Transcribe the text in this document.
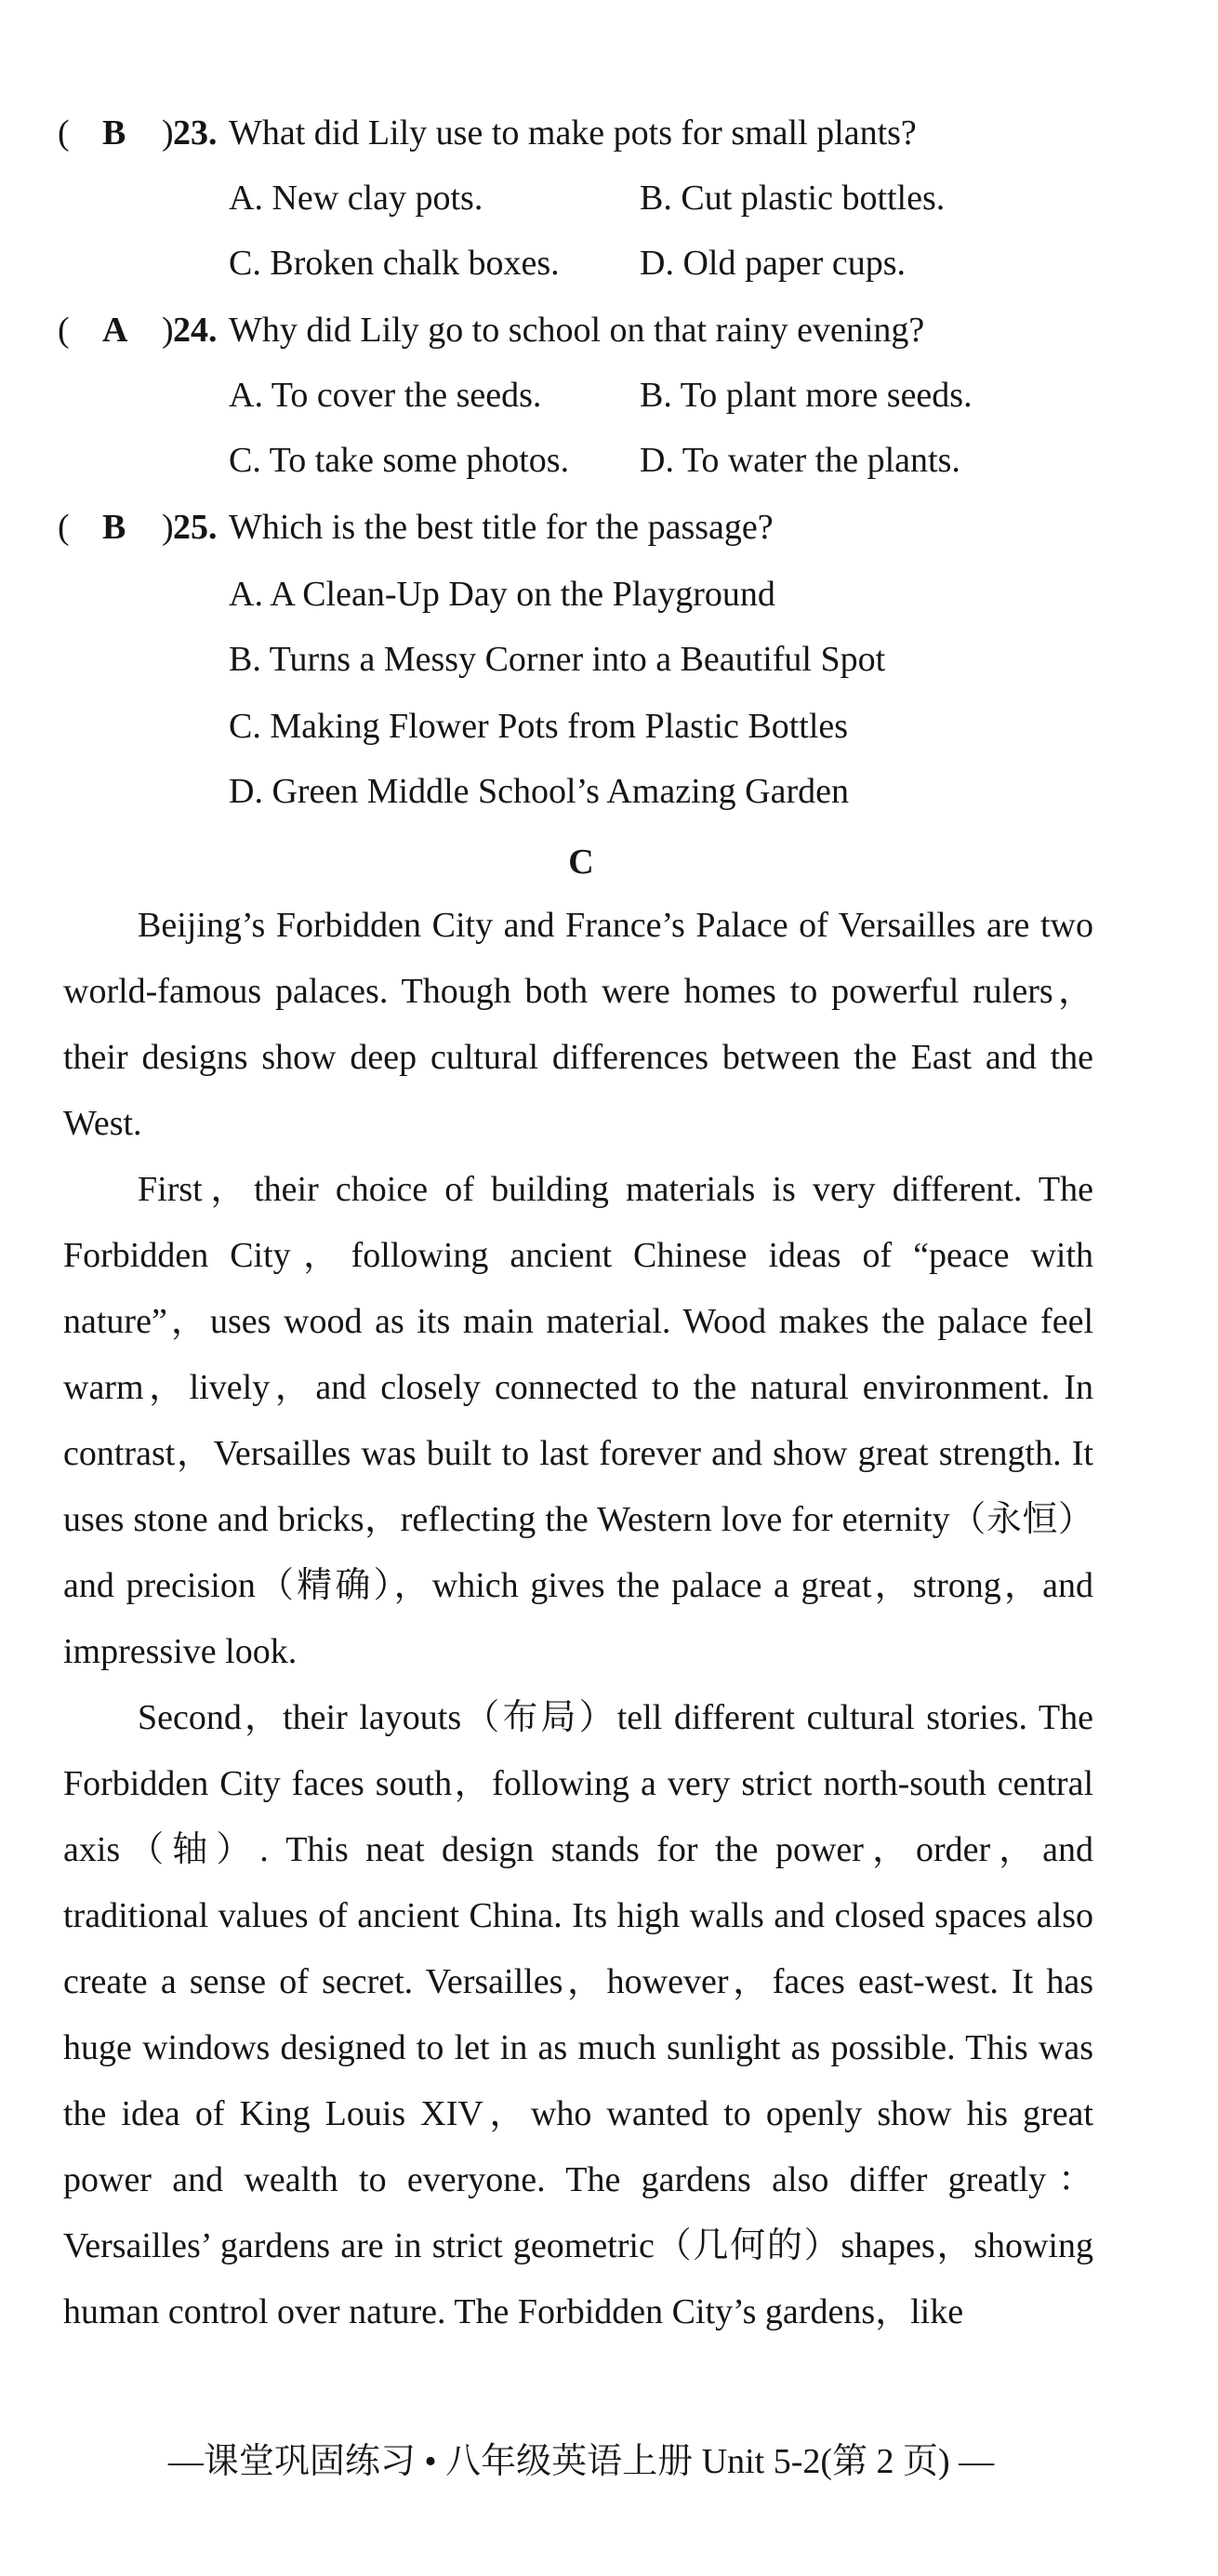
( B ) 23. What did Lily use to make pots for small plants?
A. New clay pots.	B. Cut plastic bottles.
C. Broken chalk boxes. D. Old paper cups.
( A ) 24. Why did Lily go to school on that rainy evening?
A. To cover the seeds.	B. To plant more seeds.
C. To take some photos. D. To water the plants.
( B ) 25. Which is the best title for the passage?
A. A Clean-Up Day on the Playground
B. Turns a Messy Corner into a Beautiful Spot
C. Making Flower Pots from Plastic Bottles
D. Green Middle School’s Amazing Garden
C

Beijing’s Forbidden City and France’s Palace of Versailles are two world-famous palaces. Though both were homes to powerful rulers，their designs show deep cultural differences between the East and the West.

First，their choice of building materials is very different. The Forbidden City，following ancient Chinese ideas of “peace with nature”，uses wood as its main material. Wood makes the palace feel warm，lively，and closely connected to the natural environment. In contrast，Versailles was built to last forever and show great strength. It uses stone and bricks，reflecting the Western love for eternity（永恒）and precision（精确），which gives the palace a great，strong，and impressive look.

Second，their layouts（布局）tell different cultural stories. The Forbidden City faces south，following a very strict north-south central axis（轴）. This neat design stands for the power，order，and traditional values of ancient China. Its high walls and closed spaces also create a sense of secret. Versailles，however，faces east-west. It has huge windows designed to let in as much sunlight as possible. This was the idea of King Louis XIV，who wanted to openly show his great power and wealth to everyone. The gardens also differ greatly：Versailles’ gardens are in strict geometric（几何的）shapes，showing human control over nature. The Forbidden City’s gardens，like

—课堂巩固练习 • 八年级英语上册 Unit 5-2(第 2 页) —
